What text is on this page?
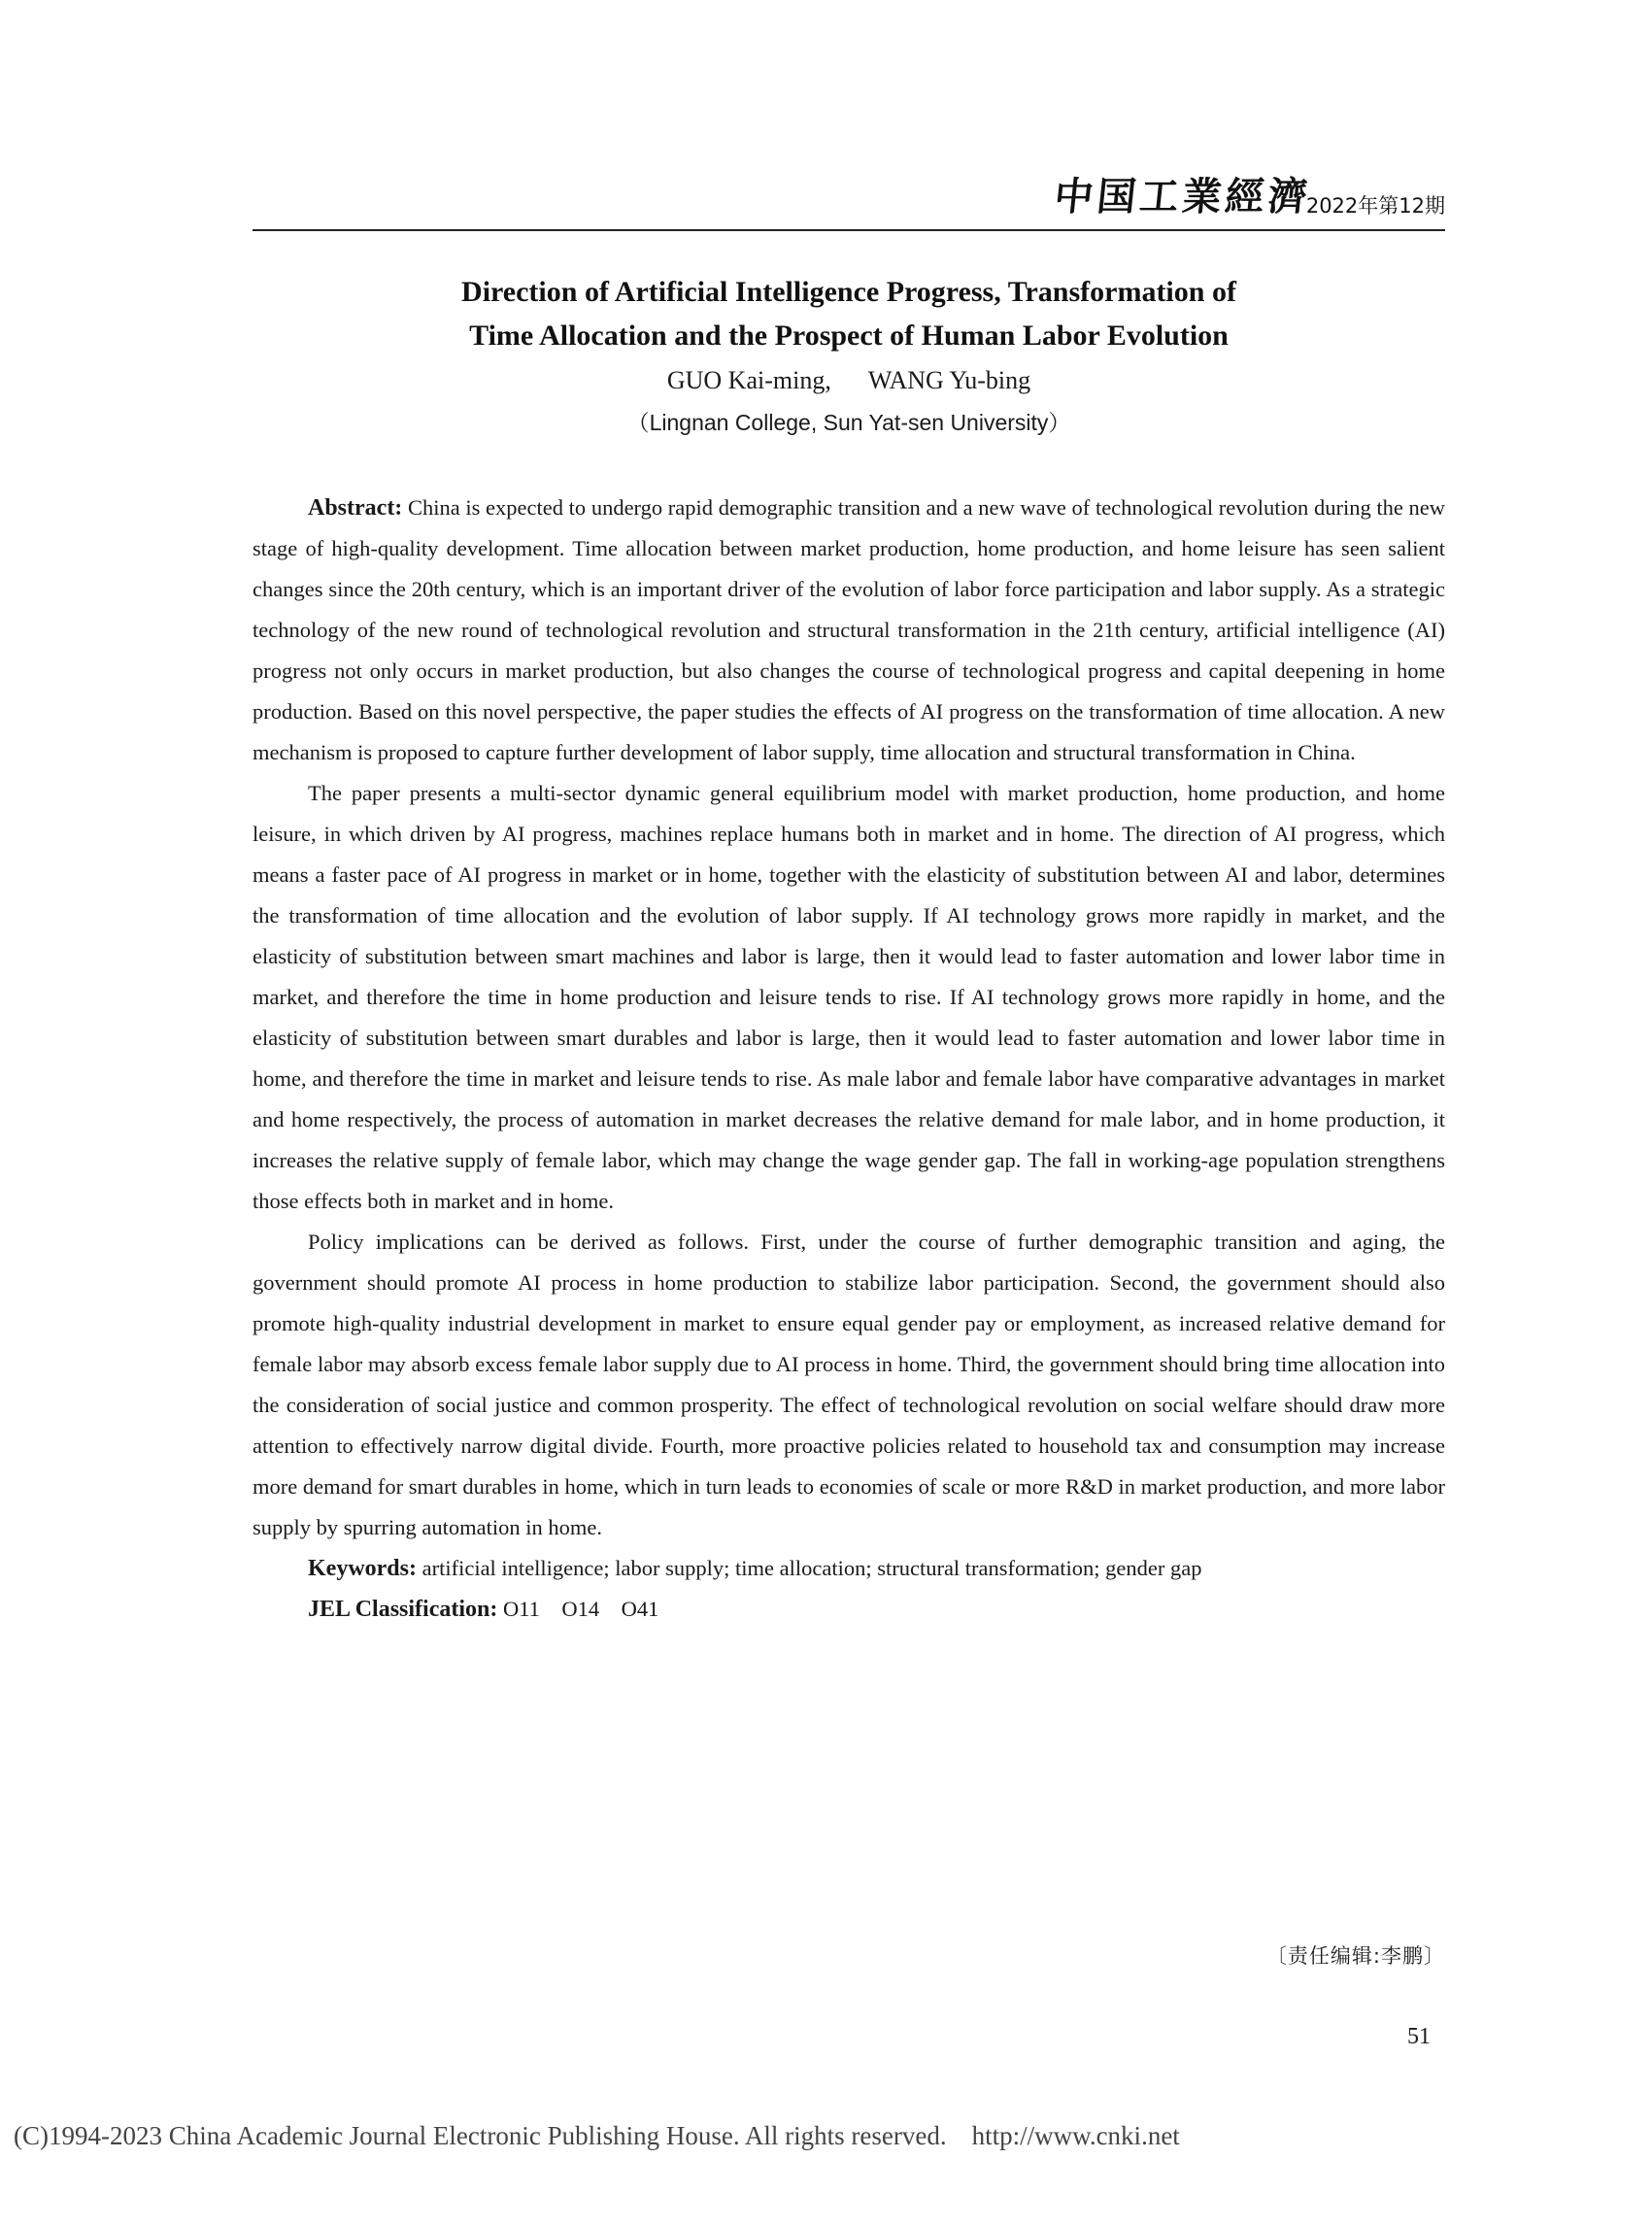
中国工業經濟
2022年第12期
Direction of Artificial Intelligence Progress, Transformation of
Time Allocation and the Prospect of Human Labor Evolution
GUO Kai-ming, WANG Yu-bing
（Lingnan College, Sun Yat-sen University）

Abstract: China is expected to undergo rapid demographic transition and a new wave of technological revolution during the new stage of high-quality development. Time allocation between market production, home production, and home leisure has seen salient changes since the 20th century, which is an important driver of the evolution of labor force participation and labor supply. As a strategic technology of the new round of technological revolution and structural transformation in the 21th century, artificial intelligence (AI) progress not only occurs in market production, but also changes the course of technological progress and capital deepening in home production. Based on this novel perspective, the paper studies the effects of AI progress on the transformation of time allocation. A new mechanism is proposed to capture further development of labor supply, time allocation and structural transformation in China.

The paper presents a multi-sector dynamic general equilibrium model with market production, home production, and home leisure, in which driven by AI progress, machines replace humans both in market and in home. The direction of AI progress, which means a faster pace of AI progress in market or in home, together with the elasticity of substitution between AI and labor, determines the transformation of time allocation and the evolution of labor supply. If AI technology grows more rapidly in market, and the elasticity of substitution between smart machines and labor is large, then it would lead to faster automation and lower labor time in market, and therefore the time in home production and leisure tends to rise. If AI technology grows more rapidly in home, and the elasticity of substitution between smart durables and labor is large, then it would lead to faster automation and lower labor time in home, and therefore the time in market and leisure tends to rise. As male labor and female labor have comparative advantages in market and home respectively, the process of automation in market decreases the relative demand for male labor, and in home production, it increases the relative supply of female labor, which may change the wage gender gap. The fall in working-age population strengthens those effects both in market and in home.

Policy implications can be derived as follows. First, under the course of further demographic transition and aging, the government should promote AI process in home production to stabilize labor participation. Second, the government should also promote high-quality industrial development in market to ensure equal gender pay or employment, as increased relative demand for female labor may absorb excess female labor supply due to AI process in home. Third, the government should bring time allocation into the consideration of social justice and common prosperity. The effect of technological revolution on social welfare should draw more attention to effectively narrow digital divide. Fourth, more proactive policies related to household tax and consumption may increase more demand for smart durables in home, which in turn leads to economies of scale or more R&D in market production, and more labor supply by spurring automation in home.

Keywords: artificial intelligence; labor supply; time allocation; structural transformation; gender gap

JEL Classification: O11　O14　O41

〔责任编辑:李鹏〕
51
(C)1994-2023 China Academic Journal Electronic Publishing House. All rights reserved. http://www.cnki.net
